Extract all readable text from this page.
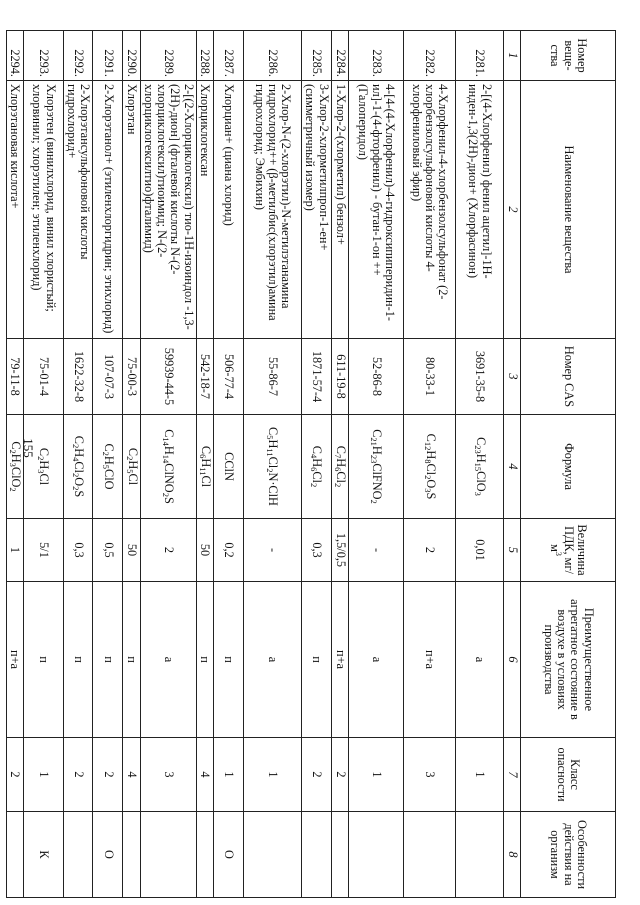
155
Номер веще-ства	Наименование вещества	Номер CAS	Формула	Величина ПДК, $мг/м^3$	Преимущественное агрегатное состояние в воздухе в условиях производства	Класс опасности	Особенности действия на организм
1	2	3	4	5	6	7	8
2281.	2-[(4-Хлорфенил) фенил ацетил]-1Н-инден-1,3(2Н)-дион+ (Хлорфасинон)	3691-35-8	$C_{23}H_{15}ClO_3$	0,01	а	1	
2282.	4-Хлорфенил-4-хлорбензолсульфонат (2-хлорбензолсульфоновой кислоты 4-хлорфениловый эфир)	80-33-1	$C_{12}H_8Cl_2O_3S$	2	п+а	3	
2283.	4-[4-(4-Хлорфенил)-4-гидроксипиперидин-1-ил]-1-(4-фторфенил) - бутан-1-он ++ (Галоперидол)	52-86-8	$C_{21}H_{23}ClFNO_2$	-	а	1	
2284.	1-Хлор-2-(хлорметил) бензол+	611-19-8	$C_7H_6Cl_2$	1,5/0,5	п+а	2	
2285.	3-Хлор-2-хлорметилпроп-1-ен+ (симметричный изомер)	1871-57-4	$C_4H_6Cl_2$	0,3	п	2	
2286.	2-Хлор-N-(2-хлорэтил)-N-метилэтанамина гидрохлорид++ (β-метилбис(хлорэтил)амина гидрохлорид; Эмбихин)	55-86-7	$C_5H_{11}Cl_2N\cdot ClH$	-	а	1	
2287.	Хлорциан+ (циана хлорид)	506-77-4	CClN	0,2	п	1	О
2288.	Хлорциклогексан	542-18-7	$C_6H_{11}Cl$	50	п	4	
2289.	2-[(2-Хлорциклогексил) тио-1Н-изоиндол -1,3-(2Н)-дион] (фталевой кислоты N-(2-хлорциклогексил)тиоимид; N-(2-хлорциклогексилтио)фталимид)	59939-44-5	$C_{14}H_{14}ClNO_2S$	2	а	3	
2290.	Хлорэтан	75-00-3	$C_2H_5Cl$	50	п	4	
2291.	2-Хлорэтанол+ (этиленхлоргидрин; этихлорид)	107-07-3	$C_2H_5ClO$	0,5	п	2	О
2292.	2-Хлорэтансульфоновой кислоты гидрохлорид+	1622-32-8	$C_2H_4Cl_2O_2S$	0,3	п	2	
2293.	Хлорэтен (винилхлорид, винил хлористый; хлорвинил; хлорэтилен; этиленхлорид)	75-01-4	$C_2H_3Cl$	5/1	п	1	К
2294.	Хлорэтановая кислота+	79-11-8	$C_2H_3ClO_2$	1	п+а	2	
